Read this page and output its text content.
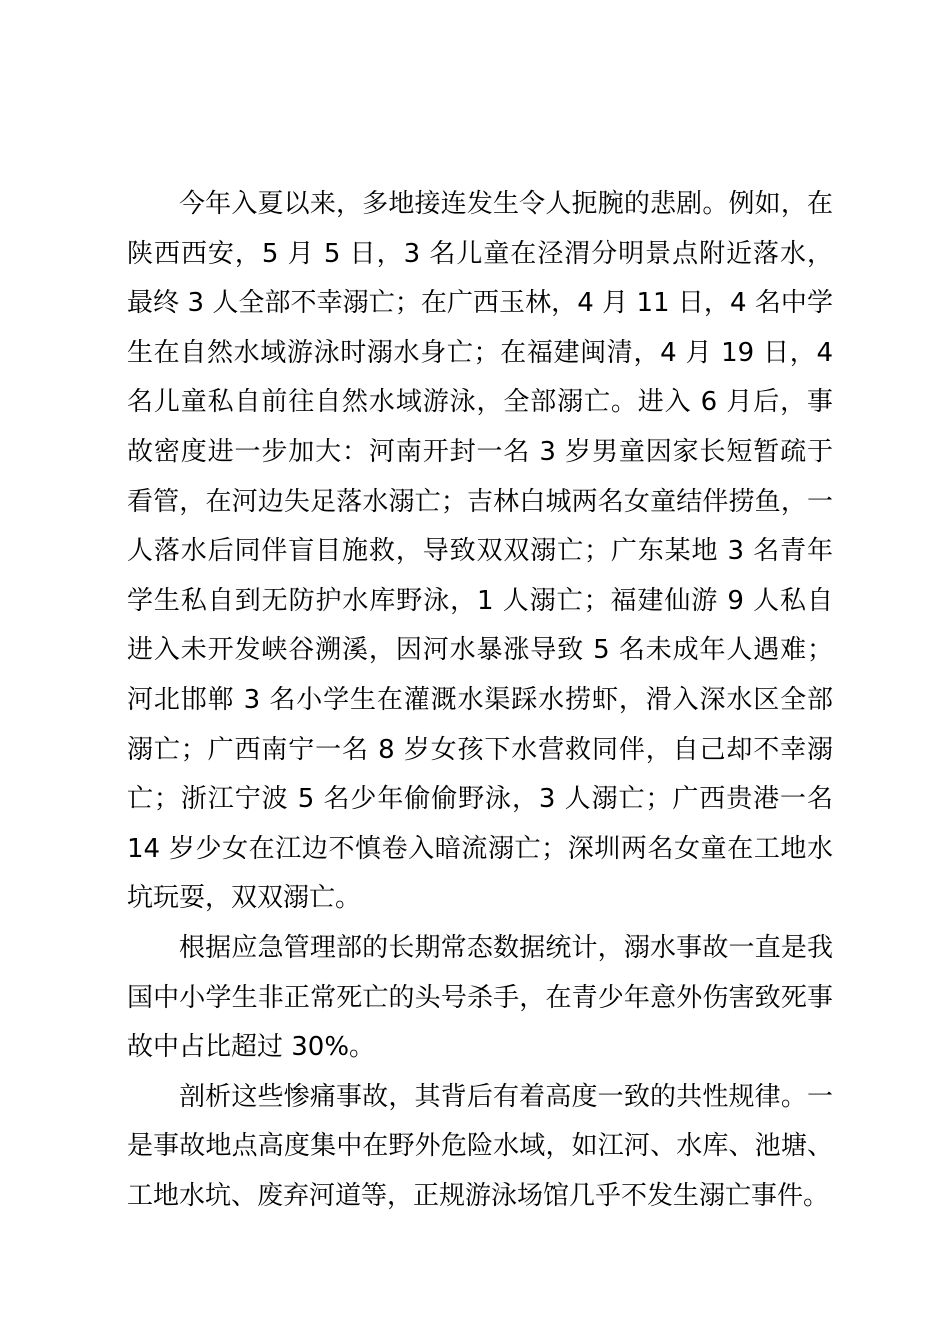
今年入夏以来，多地接连发生令人扼腕的悲剧。例如，在陕西西安，5 月 5 日，3 名儿童在泾渭分明景点附近落水，最终 3 人全部不幸溺亡；在广西玉林，4 月 11 日，4 名中学生在自然水域游泳时溺水身亡；在福建闽清，4 月 19 日，4 名儿童私自前往自然水域游泳，全部溺亡。进入 6 月后，事故密度进一步加大：河南开封一名 3 岁男童因家长短暂疏于看管，在河边失足落水溺亡；吉林白城两名女童结伴捞鱼，一人落水后同伴盲目施救，导致双双溺亡；广东某地 3 名青年学生私自到无防护水库野泳，1 人溺亡；福建仙游 9 人私自进入未开发峡谷溯溪，因河水暴涨导致 5 名未成年人遇难；河北邯郸 3 名小学生在灌溉水渠踩水捞虾，滑入深水区全部溺亡；广西南宁一名 8 岁女孩下水营救同伴，自己却不幸溺亡；浙江宁波 5 名少年偷偷野泳，3 人溺亡；广西贵港一名 14 岁少女在江边不慎卷入暗流溺亡；深圳两名女童在工地水坑玩耍，双双溺亡。

根据应急管理部的长期常态数据统计，溺水事故一直是我国中小学生非正常死亡的头号杀手，在青少年意外伤害致死事故中占比超过 30%。

剖析这些惨痛事故，其背后有着高度一致的共性规律。一是事故地点高度集中在野外危险水域，如江河、水库、池塘、工地水坑、废弃河道等，正规游泳场馆几乎不发生溺亡事件。
